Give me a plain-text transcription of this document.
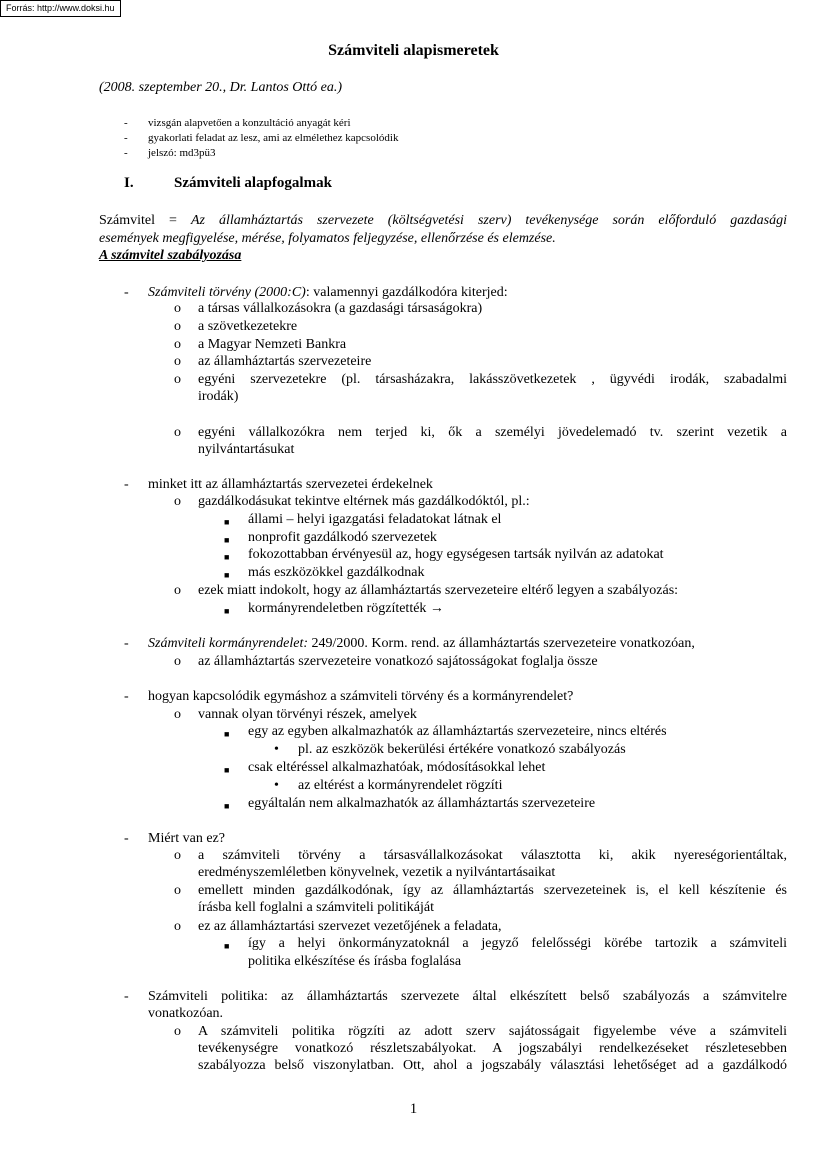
Forrás: http://www.doksi.hu
Számviteli alapismeretek
(2008. szeptember 20., Dr. Lantos Ottó ea.)
- vizsgán alapvetően a konzultáció anyagát kéri
- gyakorlati feladat az lesz, ami az elmélethez kapcsolódik
- jelszó: md3pü3
I.	Számviteli alapfogalmak
Számvitel = Az államháztartás szervezete (költségvetési szerv) tevékenysége során előforduló gazdasági
események megfigyelése, mérése, folyamatos feljegyzése, ellenőrzése és elemzése.
A számvitel szabályozása
- Számviteli törvény (2000:C): valamennyi gazdálkodóra kiterjed:
o a társas vállalkozásokra (a gazdasági társaságokra)
o a szövetkezetekre
o a Magyar Nemzeti Bankra
o az államháztartás szervezeteire
o egyéni szervezetekre (pl. társasházakra, lakásszövetkezetek , ügyvédi irodák, szabadalmi
irodák)
o egyéni vállalkozókra nem terjed ki, ők a személyi jövedelemadó tv. szerint vezetik a
nyilvántartásukat
- minket itt az államháztartás szervezetei érdekelnek
o gazdálkodásukat tekintve eltérnek más gazdálkodóktól, pl.:
■ állami – helyi igazgatási feladatokat látnak el
■ nonprofit gazdálkodó szervezetek
■ fokozottabban érvényesül az, hogy egységesen tartsák nyilván az adatokat
■ más eszközökkel gazdálkodnak
o ezek miatt indokolt, hogy az államháztartás szervezeteire eltérő legyen a szabályozás:
■ kormányrendeletben rögzítették →
- Számviteli kormányrendelet: 249/2000. Korm. rend. az államháztartás szervezeteire vonatkozóan,
o az államháztartás szervezeteire vonatkozó sajátosságokat foglalja össze
- hogyan kapcsolódik egymáshoz a számviteli törvény és a kormányrendelet?
o vannak olyan törvényi részek, amelyek
■ egy az egyben alkalmazhatók az államháztartás szervezeteire, nincs eltérés
• pl. az eszközök bekerülési értékére vonatkozó szabályozás
■ csak eltéréssel alkalmazhatóak, módosításokkal lehet
• az eltérést a kormányrendelet rögzíti
■ egyáltalán nem alkalmazhatók az államháztartás szervezeteire
- Miért van ez?
o a számviteli törvény a társasvállalkozásokat választotta ki, akik nyereségorientáltak,
eredményszemléletben könyvelnek, vezetik a nyilvántartásaikat
o emellett minden gazdálkodónak, így az államháztartás szervezeteinek is, el kell készítenie és
írásba kell foglalni a számviteli politikáját
o ez az államháztartási szervezet vezetőjének a feladata,
■ így a helyi önkormányzatoknál a jegyző felelősségi körébe tartozik a számviteli
politika elkészítése és írásba foglalása
- Számviteli politika: az államháztartás szervezete által elkészített belső szabályozás a számvitelre
vonatkozóan.
o A számviteli politika rögzíti az adott szerv sajátosságait figyelembe véve a számviteli
tevékenységre vonatkozó részletszabályokat. A jogszabályi rendelkezéseket részletesebben
szabályozza belső viszonylatban. Ott, ahol a jogszabály választási lehetőséget ad a gazdálkodó
1
